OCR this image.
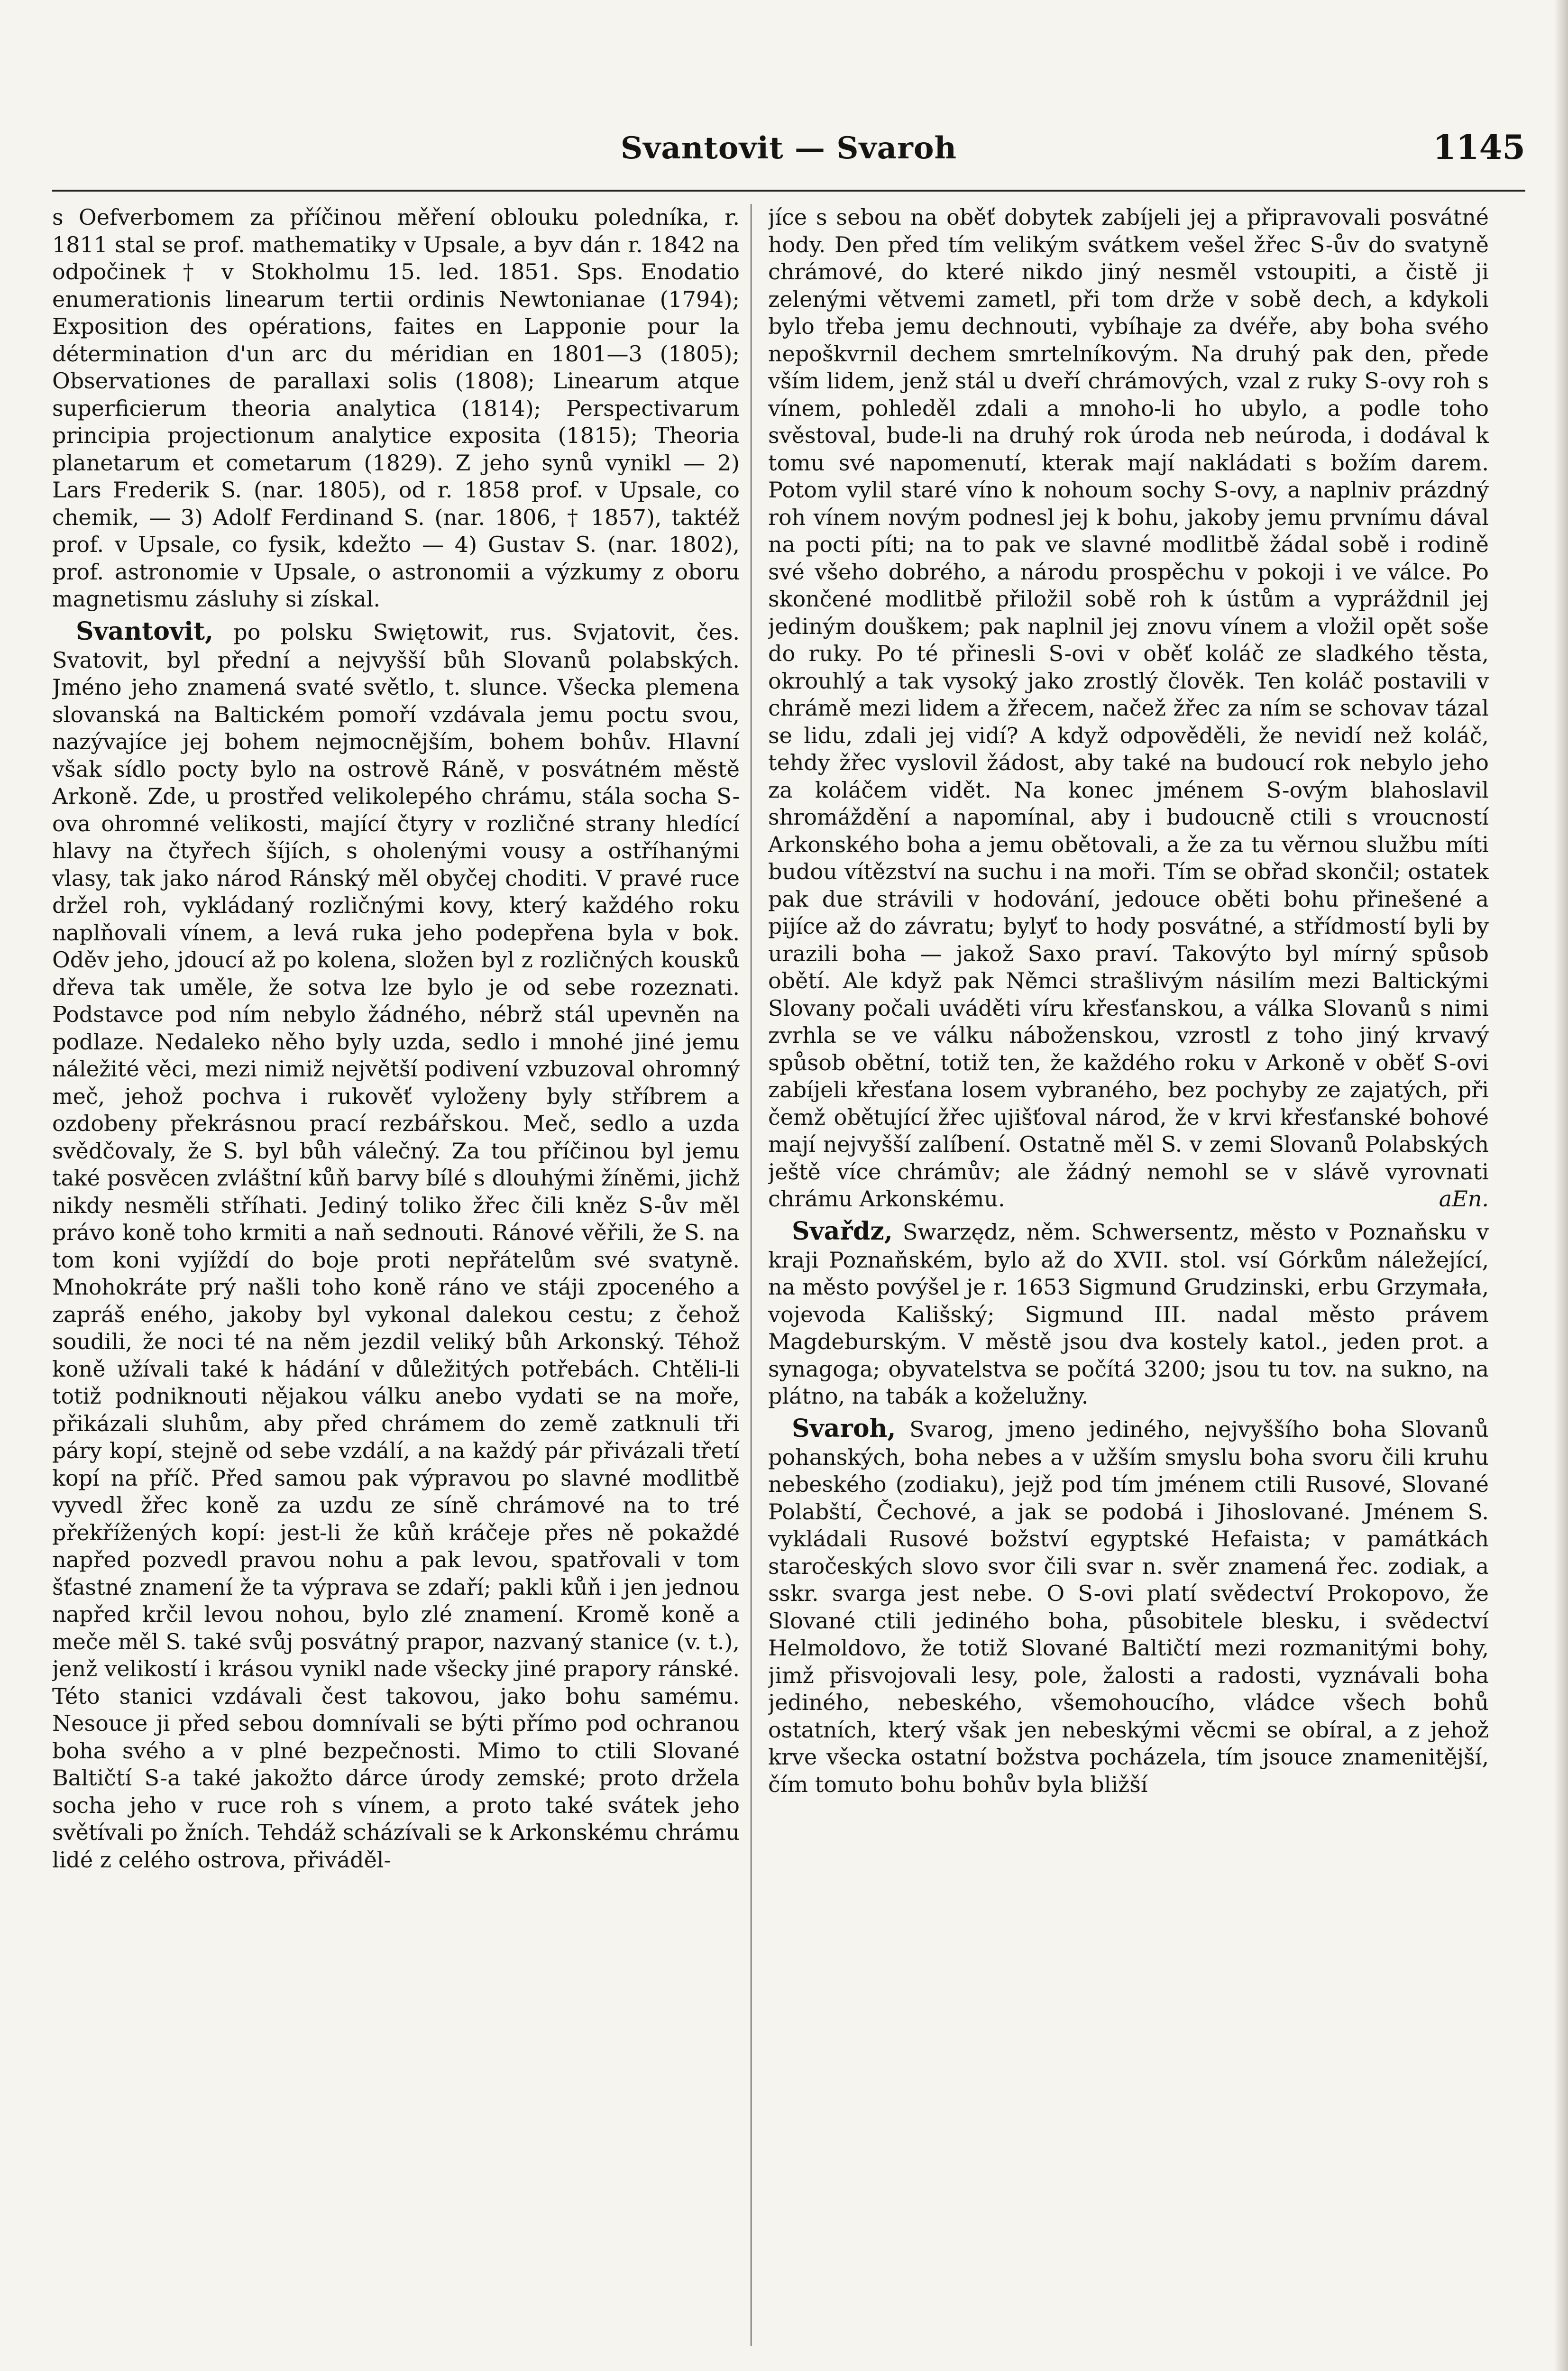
Svantovit — Svaroh	1145

s Oefverbomem za příčinou měření oblouku poledníka, r. 1811 stal se prof. mathematiky v Upsale, a byv dán r. 1842 na odpočinek † v Stokholmu 15. led. 1851. Sps. Enodatio enumerationis linearum tertii ordinis Newtonianae (1794); Exposition des opérations, faites en Lapponie pour la détermination d'un arc du méridian en 1801—3 (1805); Observationes de parallaxi solis (1808); Linearum atque superficierum theoria analytica (1814); Perspectivarum principia projectionum analytice exposita (1815); Theoria planetarum et cometarum (1829). Z jeho synů vynikl — 2) Lars Frederik S. (nar. 1805), od r. 1858 prof. v Upsale, co chemik, — 3) Adolf Ferdinand S. (nar. 1806, † 1857), taktéž prof. v Upsale, co fysik, kdežto — 4) Gustav S. (nar. 1802), prof. astronomie v Upsale, o astronomii a výzkumy z oboru magnetismu zásluhy si získal.

Svantovit, po polsku Swiętowit, rus. Svjatovit, čes. Svatovit, byl přední a nejvyšší bůh Slovanů polabských. Jméno jeho znamená svaté světlo, t. slunce. Všecka plemena slovanská na Baltickém pomoří vzdávala jemu poctu svou, nazývajíce jej bohem nejmocnějším, bohem bohův. Hlavní však sídlo pocty bylo na ostrově Ráně, v posvátném městě Arkoně. Zde, u prostřed velikolepého chrámu, stála socha S-ova ohromné velikosti, mající čtyry v rozličné strany hledící hlavy na čtyřech šíjích, s oholenými vousy a ostříhanými vlasy, tak jako národ Ránský měl obyčej choditi. V pravé ruce držel roh, vykládaný rozličnými kovy, který každého roku naplňovali vínem, a levá ruka jeho podepřena byla v bok. Oděv jeho, jdoucí až po kolena, složen byl z rozličných kousků dřeva tak uměle, že sotva lze bylo je od sebe rozeznati. Podstavce pod ním nebylo žádného, nébrž stál upevněn na podlaze. Nedaleko něho byly uzda, sedlo i mnohé jiné jemu náležité věci, mezi nimiž největší podivení vzbuzoval ohromný meč, jehož pochva i rukověť vyloženy byly stříbrem a ozdobeny překrásnou prací rezbářskou. Meč, sedlo a uzda svědčovaly, že S. byl bůh válečný. Za tou příčinou byl jemu také posvěcen zvláštní kůň barvy bílé s dlouhými žíněmi, jichž nikdy nesměli stříhati. Jediný toliko žřec čili kněz S-ův měl právo koně toho krmiti a naň sednouti. Ránové věřili, že S. na tom koni vyjíždí do boje proti nepřátelům své svatyně. Mnohokráte prý našli toho koně ráno ve stáji zpoceného a zapráš eného, jakoby byl vykonal dalekou cestu; z čehož soudili, že noci té na něm jezdil veliký bůh Arkonský. Téhož koně užívali také k hádání v důležitých potřebách. Chtěli-li totiž podniknouti nějakou válku anebo vydati se na moře, přikázali sluhům, aby před chrámem do země zatknuli tři páry kopí, stejně od sebe vzdálí, a na každý pár přivázali třetí kopí na příč. Před samou pak výpravou po slavné modlitbě vyvedl žřec koně za uzdu ze síně chrámové na to tré překřížených kopí: jest-li že kůň kráčeje přes ně pokaždé napřed pozvedl pravou nohu a pak levou, spatřovali v tom šťastné znamení že ta výprava se zdaří; pakli kůň i jen jednou napřed krčil levou nohou, bylo zlé znamení. Kromě koně a meče měl S. také svůj posvátný prapor, nazvaný stanice (v. t.), jenž velikostí i krásou vynikl nade všecky jiné prapory ránské. Této stanici vzdávali čest takovou, jako bohu samému. Nesouce ji před sebou domnívali se býti přímo pod ochranou boha svého a v plné bezpečnosti. Mimo to ctili Slované Baltičtí S-a také jakožto dárce úrody zemské; proto držela socha jeho v ruce roh s vínem, a proto také svátek jeho světívali po žních. Tehdáž scházívali se k Arkonskému chrámu lidé z celého ostrova, přiváděl-

jíce s sebou na oběť dobytek zabíjeli jej a připravovali posvátné hody. Den před tím velikým svátkem vešel žřec S-ův do svatyně chrámové, do které nikdo jiný nesměl vstoupiti, a čistě ji zelenými větvemi zametl, při tom drže v sobě dech, a kdykoli bylo třeba jemu dechnouti, vybíhaje za dvéře, aby boha svého nepoškvrnil dechem smrtelníkovým. Na druhý pak den, přede vším lidem, jenž stál u dveří chrámových, vzal z ruky S-ovy roh s vínem, pohleděl zdali a mnoho-li ho ubylo, a podle toho svěstoval, bude-li na druhý rok úroda neb neúroda, i dodával k tomu své napomenutí, kterak mají nakládati s božím darem. Potom vylil staré víno k nohoum sochy S-ovy, a naplniv prázdný roh vínem novým podnesl jej k bohu, jakoby jemu prvnímu dával na pocti píti; na to pak ve slavné modlitbě žádal sobě i rodině své všeho dobrého, a národu prospěchu v pokoji i ve válce. Po skončené modlitbě přiložil sobě roh k ústům a vypráždnil jej jediným douškem; pak naplnil jej znovu vínem a vložil opět soše do ruky. Po té přinesli S-ovi v oběť koláč ze sladkého těsta, okrouhlý a tak vysoký jako zrostlý člověk. Ten koláč postavili v chrámě mezi lidem a žřecem, načež žřec za ním se schovav tázal se lidu, zdali jej vidí? A když odpověděli, že nevidí než koláč, tehdy žřec vyslovil žádost, aby také na budoucí rok nebylo jeho za koláčem vidět. Na konec jménem S-ovým blahoslavil shromáždění a napomínal, aby i budoucně ctili s vroucností Arkonského boha a jemu obětovali, a že za tu věrnou službu míti budou vítězství na suchu i na moři. Tím se obřad skončil; ostatek pak due strávili v hodování, jedouce oběti bohu přinešené a pijíce až do závratu; bylyť to hody posvátné, a střídmostí byli by urazili boha — jakož Saxo praví. Takovýto byl mírný spůsob obětí. Ale když pak Němci strašlivým násilím mezi Baltickými Slovany počali uváděti víru křesťanskou, a válka Slovanů s nimi zvrhla se ve válku náboženskou, vzrostl z toho jiný krvavý spůsob obětní, totiž ten, že každého roku v Arkoně v oběť S-ovi zabíjeli křesťana losem vybraného, bez pochyby ze zajatých, při čemž obětující žřec ujišťoval národ, že v krvi křesťanské bohové mají nejvyšší zalíbení. Ostatně měl S. v zemi Slovanů Polabských ještě více chrámův; ale žádný nemohl se v slávě vyrovnati chrámu Arkonskému.	aEn.

Svařdz, Swarzędz, něm. Schwersentz, město v Poznaňsku v kraji Poznaňském, bylo až do XVII. stol. vsí Górkům náležející, na město povýšel je r. 1653 Sigmund Grudzinski, erbu Grzymała, vojevoda Kališský; Sigmund III. nadal město právem Magdeburským. V městě jsou dva kostely katol., jeden prot. a synagoga; obyvatelstva se počítá 3200; jsou tu tov. na sukno, na plátno, na tabák a koželužny.

Svaroh, Svarog, jmeno jediného, nejvyššího boha Slovanů pohanských, boha nebes a v užším smyslu boha svoru čili kruhu nebeského (zodiaku), jejž pod tím jménem ctili Rusové, Slované Polabští, Čechové, a jak se podobá i Jihoslované. Jménem S. vykládali Rusové božství egyptské Hefaista; v památkách staročeských slovo svor čili svar n. svěr znamená řec. zodiak, a sskr. svarga jest nebe. O S-ovi platí svědectví Prokopovo, že Slované ctili jediného boha, působitele blesku, i svědectví Helmoldovo, že totiž Slované Baltičtí mezi rozmanitými bohy, jimž přisvojovali lesy, pole, žalosti a radosti, vyznávali boha jediného, nebeského, všemohoucího, vládce všech bohů ostatních, který však jen nebeskými věcmi se obíral, a z jehož krve všecka ostatní božstva pocházela, tím jsouce znamenitější, čím tomuto bohu bohův byla bližší
